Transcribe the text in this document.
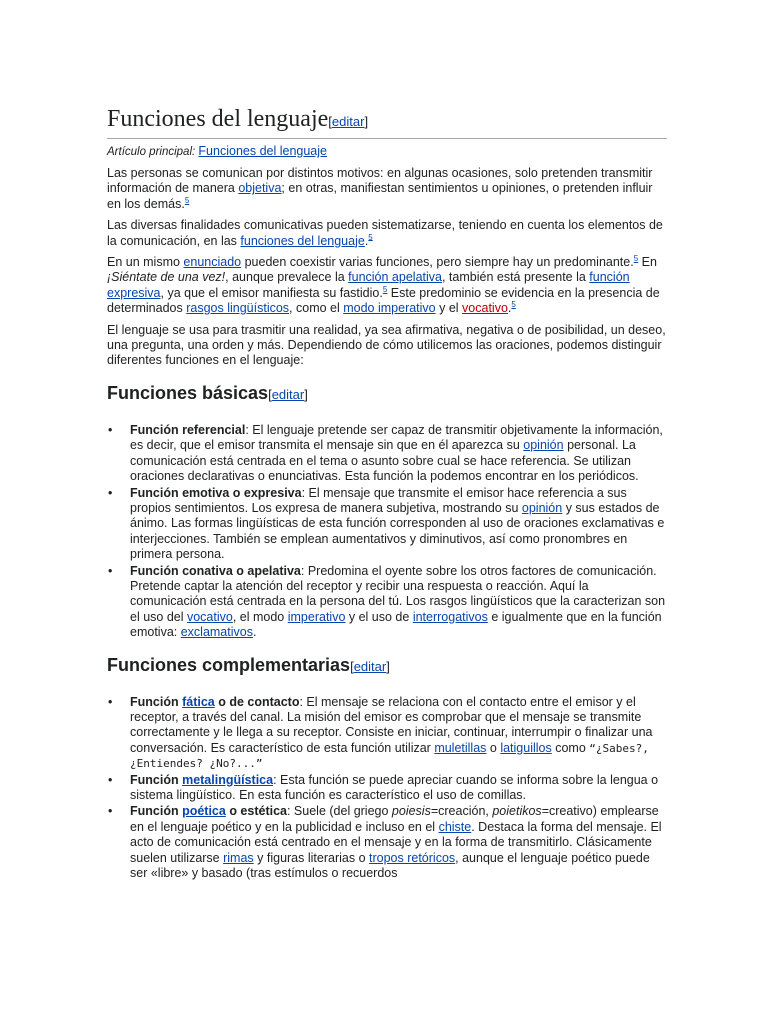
Funciones del lenguaje[editar]
Artículo principal: Funciones del lenguaje

Las personas se comunican por distintos motivos: en algunas ocasiones, solo pretenden transmitir información de manera objetiva; en otras, manifiestan sentimientos u opiniones, o pretenden influir en los demás.$^5$

Las diversas finalidades comunicativas pueden sistematizarse, teniendo en cuenta los elementos de la comunicación, en las funciones del lenguaje.$^5$

En un mismo enunciado pueden coexistir varias funciones, pero siempre hay un predominante.$^5$ En ¡Siéntate de una vez!, aunque prevalece la función apelativa, también está presente la función expresiva, ya que el emisor manifiesta su fastidio.$^5$ Este predominio se evidencia en la presencia de determinados rasgos lingüísticos, como el modo imperativo y el vocativo.$^5$

El lenguaje se usa para trasmitir una realidad, ya sea afirmativa, negativa o de posibilidad, un deseo, una pregunta, una orden y más. Dependiendo de cómo utilicemos las oraciones, podemos distinguir diferentes funciones en el lenguaje:

Funciones básicas[editar]
• Función referencial: El lenguaje pretende ser capaz de transmitir objetivamente la información, es decir, que el emisor transmita el mensaje sin que en él aparezca su opinión personal. La comunicación está centrada en el tema o asunto sobre cual se hace referencia. Se utilizan oraciones declarativas o enunciativas. Esta función la podemos encontrar en los periódicos.
• Función emotiva o expresiva: El mensaje que transmite el emisor hace referencia a sus propios sentimientos. Los expresa de manera subjetiva, mostrando su opinión y sus estados de ánimo. Las formas lingüísticas de esta función corresponden al uso de oraciones exclamativas e interjecciones. También se emplean aumentativos y diminutivos, así como pronombres en primera persona.
• Función conativa o apelativa: Predomina el oyente sobre los otros factores de comunicación. Pretende captar la atención del receptor y recibir una respuesta o reacción. Aquí la comunicación está centrada en la persona del tú. Los rasgos lingüísticos que la caracterizan son el uso del vocativo, el modo imperativo y el uso de interrogativos e igualmente que en la función emotiva: exclamativos.
Funciones complementarias[editar]
• Función fática o de contacto: El mensaje se relaciona con el contacto entre el emisor y el receptor, a través del canal. La misión del emisor es comprobar que el mensaje se transmite correctamente y le llega a su receptor. Consiste en iniciar, continuar, interrumpir o finalizar una conversación. Es característico de esta función utilizar muletillas o latiguillos como “¿Sabes?, ¿Entiendes? ¿No?...”
• Función metalingüística: Esta función se puede apreciar cuando se informa sobre la lengua o sistema lingüístico. En esta función es característico el uso de comillas.
• Función poética o estética: Suele (del griego poiesis=creación, poietikos=creativo) emplearse en el lenguaje poético y en la publicidad e incluso en el chiste. Destaca la forma del mensaje. El acto de comunicación está centrado en el mensaje y en la forma de transmitirlo. Clásicamente suelen utilizarse rimas y figuras literarias o tropos retóricos, aunque el lenguaje poético puede ser «libre» y basado (tras estímulos o recuerdos
